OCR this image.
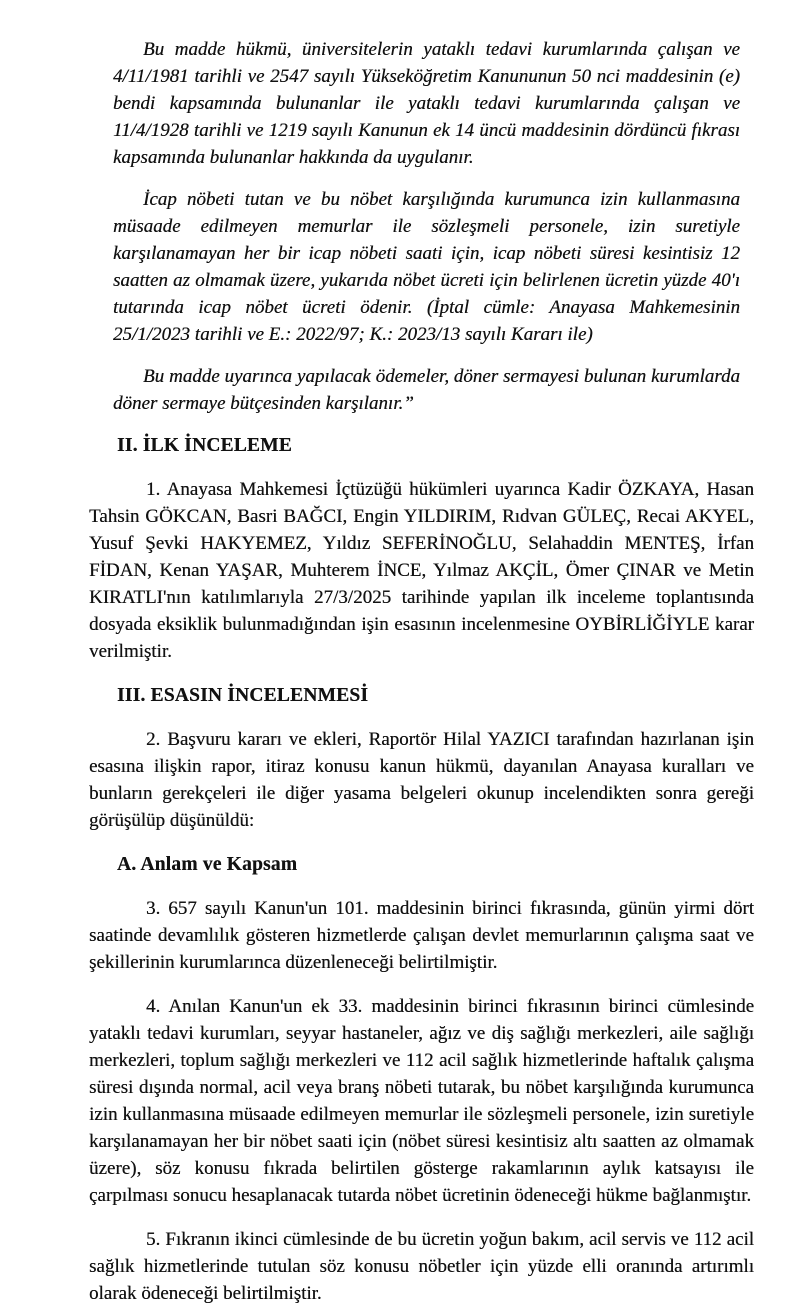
Bu madde hükmü, üniversitelerin yataklı tedavi kurumlarında çalışan ve 4/11/1981 tarihli ve 2547 sayılı Yükseköğretim Kanununun 50 nci maddesinin (e) bendi kapsamında bulunanlar ile yataklı tedavi kurumlarında çalışan ve 11/4/1928 tarihli ve 1219 sayılı Kanunun ek 14 üncü maddesinin dördüncü fıkrası kapsamında bulunanlar hakkında da uygulanır.

İcap nöbeti tutan ve bu nöbet karşılığında kurumunca izin kullanmasına müsaade edilmeyen memurlar ile sözleşmeli personele, izin suretiyle karşılanamayan her bir icap nöbeti saati için, icap nöbeti süresi kesintisiz 12 saatten az olmamak üzere, yukarıda nöbet ücreti için belirlenen ücretin yüzde 40'ı tutarında icap nöbet ücreti ödenir. (İptal cümle: Anayasa Mahkemesinin 25/1/2023 tarihli ve E.: 2022/97; K.: 2023/13 sayılı Kararı ile)

Bu madde uyarınca yapılacak ödemeler, döner sermayesi bulunan kurumlarda döner sermaye bütçesinden karşılanır.”

II. İLK İNCELEME

1. Anayasa Mahkemesi İçtüzüğü hükümleri uyarınca Kadir ÖZKAYA, Hasan Tahsin GÖKCAN, Basri BAĞCI, Engin YILDIRIM, Rıdvan GÜLEÇ, Recai AKYEL, Yusuf Şevki HAKYEMEZ, Yıldız SEFERİNOĞLU, Selahaddin MENTEŞ, İrfan FİDAN, Kenan YAŞAR, Muhterem İNCE, Yılmaz AKÇİL, Ömer ÇINAR ve Metin KIRATLI'nın katılımlarıyla 27/3/2025 tarihinde yapılan ilk inceleme toplantısında dosyada eksiklik bulunmadığından işin esasının incelenmesine OYBİRLİĞİYLE karar verilmiştir.

III. ESASIN İNCELENMESİ

2. Başvuru kararı ve ekleri, Raportör Hilal YAZICI tarafından hazırlanan işin esasına ilişkin rapor, itiraz konusu kanun hükmü, dayanılan Anayasa kuralları ve bunların gerekçeleri ile diğer yasama belgeleri okunup incelendikten sonra gereği görüşülüp düşünüldü:

A. Anlam ve Kapsam

3. 657 sayılı Kanun'un 101. maddesinin birinci fıkrasında, günün yirmi dört saatinde devamlılık gösteren hizmetlerde çalışan devlet memurlarının çalışma saat ve şekillerinin kurumlarınca düzenleneceği belirtilmiştir.

4. Anılan Kanun'un ek 33. maddesinin birinci fıkrasının birinci cümlesinde yataklı tedavi kurumları, seyyar hastaneler, ağız ve diş sağlığı merkezleri, aile sağlığı merkezleri, toplum sağlığı merkezleri ve 112 acil sağlık hizmetlerinde haftalık çalışma süresi dışında normal, acil veya branş nöbeti tutarak, bu nöbet karşılığında kurumunca izin kullanmasına müsaade edilmeyen memurlar ile sözleşmeli personele, izin suretiyle karşılanamayan her bir nöbet saati için (nöbet süresi kesintisiz altı saatten az olmamak üzere), söz konusu fıkrada belirtilen gösterge rakamlarının aylık katsayısı ile çarpılması sonucu hesaplanacak tutarda nöbet ücretinin ödeneceği hükme bağlanmıştır.

5. Fıkranın ikinci cümlesinde de bu ücretin yoğun bakım, acil servis ve 112 acil sağlık hizmetlerinde tutulan söz konusu nöbetler için yüzde elli oranında artırımlı olarak ödeneceği belirtilmiştir.
